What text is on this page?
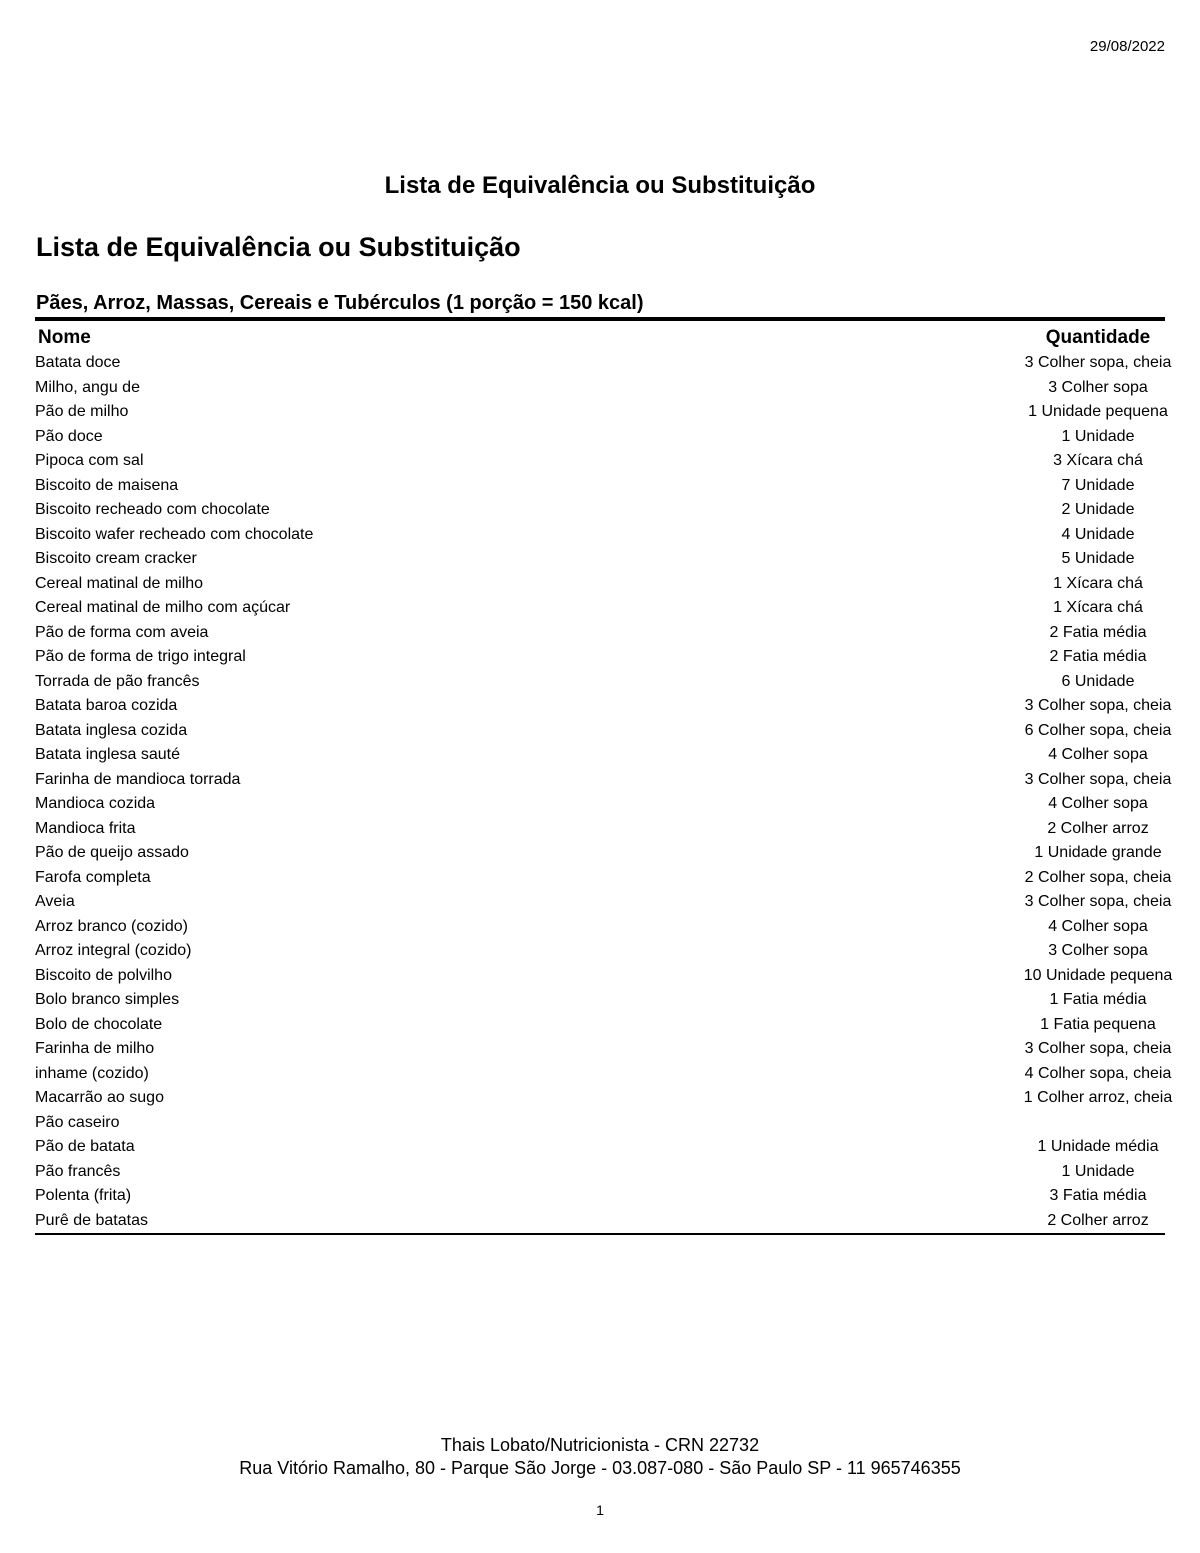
29/08/2022
Lista de Equivalência ou Substituição
Lista de Equivalência ou Substituição
Pães, Arroz, Massas, Cereais e Tubérculos (1 porção = 150 kcal)
Nome	Quantidade
Batata doce	3 Colher sopa, cheia
Milho, angu de	3 Colher sopa
Pão de milho	1 Unidade pequena
Pão doce	1 Unidade
Pipoca com sal	3 Xícara chá
Biscoito de maisena	7 Unidade
Biscoito recheado com chocolate	2 Unidade
Biscoito wafer recheado com chocolate	4 Unidade
Biscoito cream cracker	5 Unidade
Cereal matinal de milho	1 Xícara chá
Cereal matinal de milho com açúcar	1 Xícara chá
Pão de forma com aveia	2 Fatia média
Pão de forma de trigo integral	2 Fatia média
Torrada de pão francês	6 Unidade
Batata baroa cozida	3 Colher sopa, cheia
Batata inglesa cozida	6 Colher sopa, cheia
Batata inglesa sauté	4 Colher sopa
Farinha de mandioca torrada	3 Colher sopa, cheia
Mandioca cozida	4 Colher sopa
Mandioca frita	2 Colher arroz
Pão de queijo assado	1 Unidade grande
Farofa completa	2 Colher sopa, cheia
Aveia	3 Colher sopa, cheia
Arroz branco (cozido)	4 Colher sopa
Arroz integral (cozido)	3 Colher sopa
Biscoito de polvilho	10 Unidade pequena
Bolo branco simples	1 Fatia média
Bolo de chocolate	1 Fatia pequena
Farinha de milho	3 Colher sopa, cheia
inhame (cozido)	4 Colher sopa, cheia
Macarrão ao sugo	1 Colher arroz, cheia
Pão caseiro
Pão de batata	1 Unidade média
Pão francês	1 Unidade
Polenta (frita)	3 Fatia média
Purê de batatas	2 Colher arroz
Thais Lobato/Nutricionista - CRN 22732
Rua Vitório Ramalho, 80 - Parque São Jorge - 03.087-080 - São Paulo SP - 11 965746355
1
